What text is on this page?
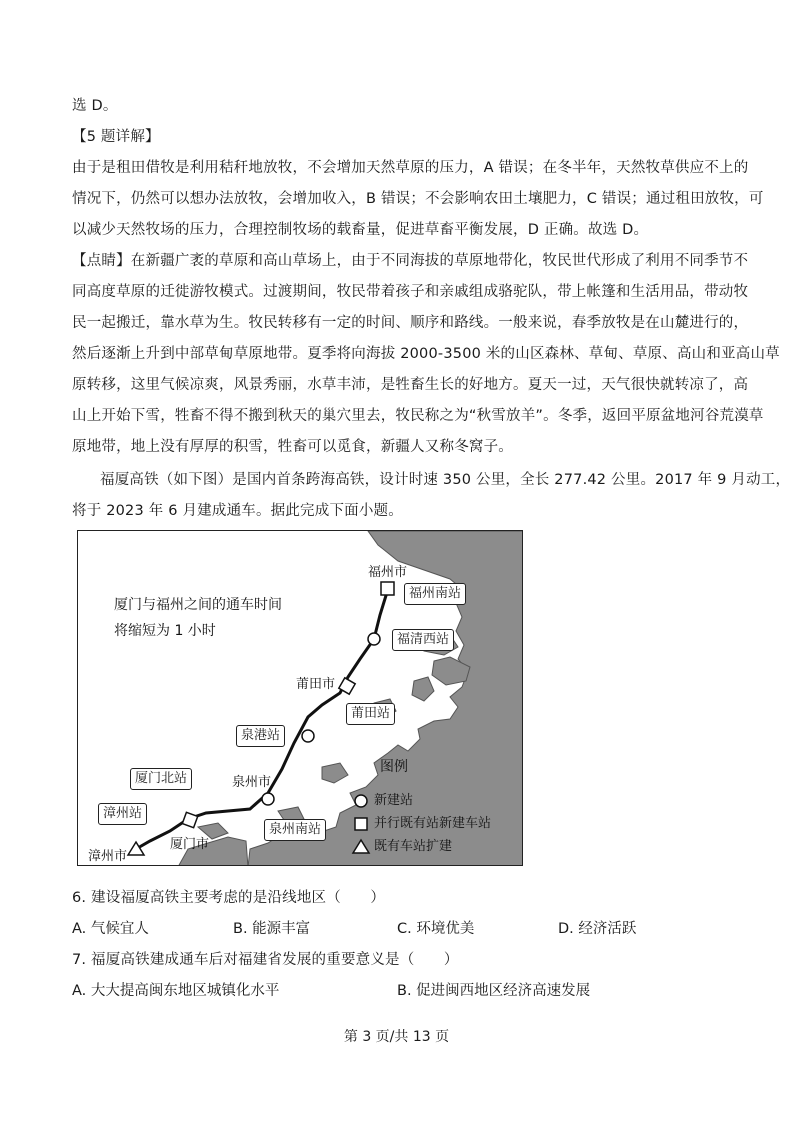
选 D。
【5 题详解】
由于是租田借牧是利用秸秆地放牧，不会增加天然草原的压力，A 错误；在冬半年，天然牧草供应不上的
情况下，仍然可以想办法放牧，会增加收入，B 错误；不会影响农田土壤肥力，C 错误；通过租田放牧，可
以减少天然牧场的压力，合理控制牧场的载畜量，促进草畜平衡发展，D 正确。故选 D。
【点睛】在新疆广袤的草原和高山草场上，由于不同海拔的草原地带化，牧民世代形成了利用不同季节不
同高度草原的迁徙游牧模式。过渡期间，牧民带着孩子和亲戚组成骆驼队，带上帐篷和生活用品，带动牧
民一起搬迁，靠水草为生。牧民转移有一定的时间、顺序和路线。一般来说，春季放牧是在山麓进行的，
然后逐渐上升到中部草甸草原地带。夏季将向海拔 2000-3500 米的山区森林、草甸、草原、高山和亚高山草
原转移，这里气候凉爽，风景秀丽，水草丰沛，是牲畜生长的好地方。夏天一过，天气很快就转凉了，高
山上开始下雪，牲畜不得不搬到秋天的巢穴里去，牧民称之为“秋雪放羊”。冬季，返回平原盆地河谷荒漠草
原地带，地上没有厚厚的积雪，牲畜可以觅食，新疆人又称冬窝子。
福厦高铁（如下图）是国内首条跨海高铁，设计时速 350 公里，全长 277.42 公里。2017 年 9 月动工，
将于 2023 年 6 月建成通车。据此完成下面小题。
厦门与福州之间的通车时间
将缩短为 1 小时
福州市
福州南站
福清西站
莆田市
莆田站
泉港站
泉州市
泉州南站
厦门北站
漳州站
厦门市
漳州市
图例
新建站
并行既有站新建车站
既有车站扩建
6. 建设福厦高铁主要考虑的是沿线地区（　　）
A. 气候宜人	B. 能源丰富	C. 环境优美	D. 经济活跃
7. 福厦高铁建成通车后对福建省发展的重要意义是（　　）
A. 大大提高闽东地区城镇化水平	B. 促进闽西地区经济高速发展
第 3 页/共 13 页
